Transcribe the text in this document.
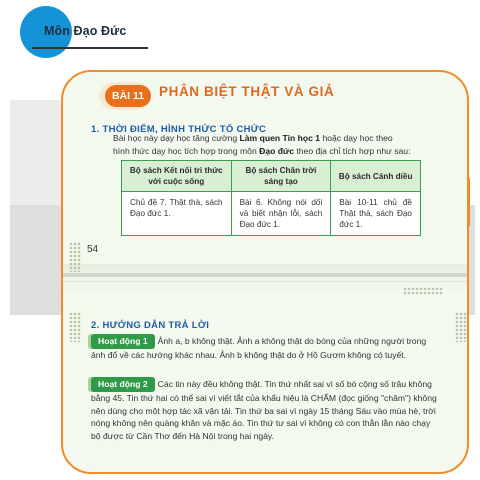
Môn Đạo Đức
BÀI 11	PHÂN BIỆT THẬT VÀ GIẢ
1. THỜI ĐIỂM, HÌNH THỨC TỔ CHỨC
Bài học này dạy học tăng cường Làm quen Tin học 1 hoặc dạy học theo
hình thức dạy học tích hợp trong môn Đạo đức theo địa chỉ tích hợp như sau:
Bộ sách Kết nối tri thức với cuộc sống	Bộ sách Chân trời sáng tạo	Bộ sách Cánh diều
Chủ đề 7. Thật thà, sách Đạo đức 1.	Bài 6. Không nói dối và biết nhận lỗi, sách Đạo đức 1.	Bài 10-11 chủ đề Thật thà, sách Đạo đức 1.
54
2. HƯỚNG DẪN TRẢ LỜI
Hoạt động 1 Ảnh a, b không thật. Ảnh a không thật do bóng của những người trong ảnh đổ về các hướng khác nhau. Ảnh b không thật do ở Hồ Gươm không có tuyết.
Hoạt động 2 Các tin này đều không thật. Tin thứ nhất sai vì số bò cộng số trâu không bằng 45. Tin thứ hai có thể sai vì viết tắt của khẩu hiệu là CHẤM (đọc giống "chăm") không nên dùng cho một hợp tác xã vận tải. Tin thứ ba sai vì ngày 15 tháng Sáu vào mùa hè, trời nóng không nên quàng khăn và mặc áo. Tin thứ tư sai vì không có con thằn lằn nào chạy bộ được từ Cần Thơ đến Hà Nội trong hai ngày.
